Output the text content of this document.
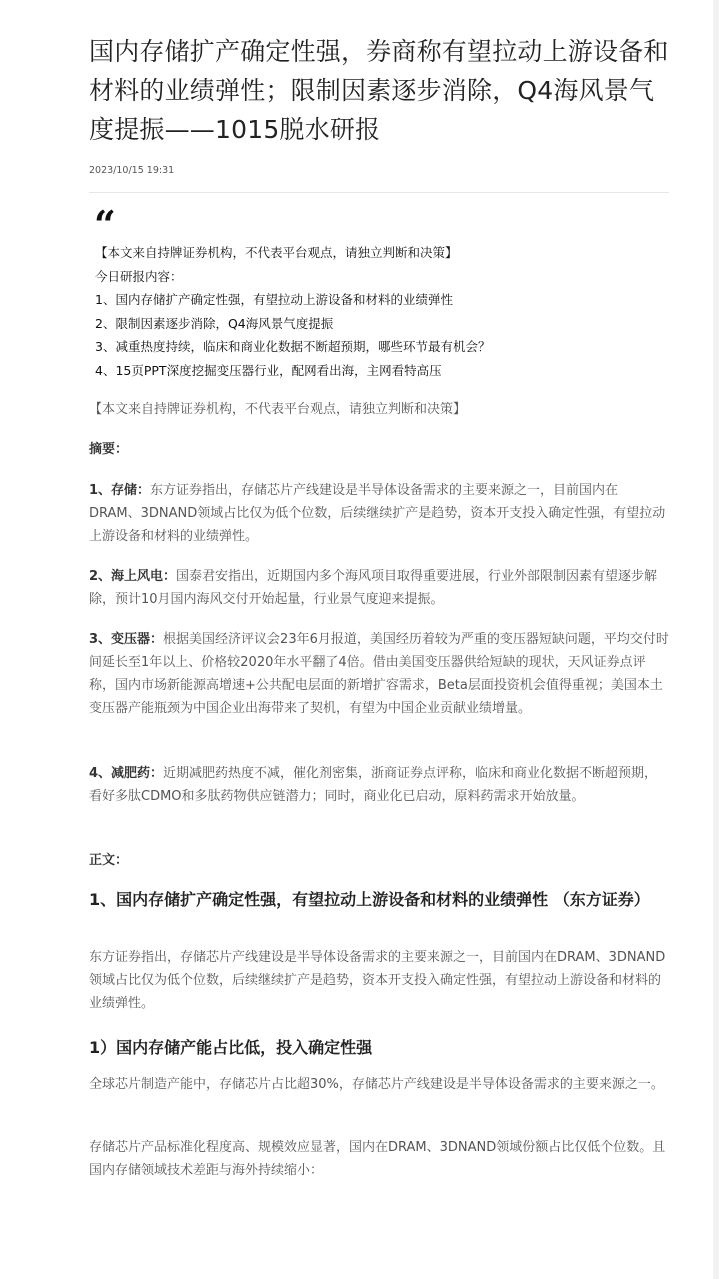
国内存储扩产确定性强，券商称有望拉动上游设备和材料的业绩弹性；限制因素逐步消除，Q4海风景气度提振——1015脱水研报
2023/10/15 19:31
“
【本文来自持牌证券机构，不代表平台观点，请独立判断和决策】
今日研报内容：
1、国内存储扩产确定性强，有望拉动上游设备和材料的业绩弹性
2、限制因素逐步消除，Q4海风景气度提振
3、减重热度持续，临床和商业化数据不断超预期，哪些环节最有机会？
4、15页PPT深度挖掘变压器行业，配网看出海，主网看特高压

【本文来自持牌证券机构，不代表平台观点，请独立判断和决策】

摘要：

1、存储：东方证券指出，存储芯片产线建设是半导体设备需求的主要来源之一，目前国内在DRAM、3DNAND领域占比仅为低个位数，后续继续扩产是趋势，资本开支投入确定性强，有望拉动上游设备和材料的业绩弹性。

2、海上风电：国泰君安指出，近期国内多个海风项目取得重要进展，行业外部限制因素有望逐步解除，预计10月国内海风交付开始起量，行业景气度迎来提振。

3、变压器：根据美国经济评议会23年6月报道，美国经历着较为严重的变压器短缺问题，平均交付时间延长至1年以上、价格较2020年水平翻了4倍。借由美国变压器供给短缺的现状，天风证券点评称，国内市场新能源高增速+公共配电层面的新增扩容需求，Beta层面投资机会值得重视；美国本土变压器产能瓶颈为中国企业出海带来了契机，有望为中国企业贡献业绩增量。

4、减肥药：近期减肥药热度不减，催化剂密集，浙商证券点评称，临床和商业化数据不断超预期，看好多肽CDMO和多肽药物供应链潜力；同时，商业化已启动，原料药需求开始放量。

正文：

1、国内存储扩产确定性强，有望拉动上游设备和材料的业绩弹性 （东方证券）

东方证券指出，存储芯片产线建设是半导体设备需求的主要来源之一，目前国内在DRAM、3DNAND领域占比仅为低个位数，后续继续扩产是趋势，资本开支投入确定性强，有望拉动上游设备和材料的业绩弹性。

1）国内存储产能占比低，投入确定性强

全球芯片制造产能中，存储芯片占比超30%，存储芯片产线建设是半导体设备需求的主要来源之一。

存储芯片产品标准化程度高、规模效应显著，国内在DRAM、3DNAND领域份额占比仅低个位数。且国内存储领域技术差距与海外持续缩小：
